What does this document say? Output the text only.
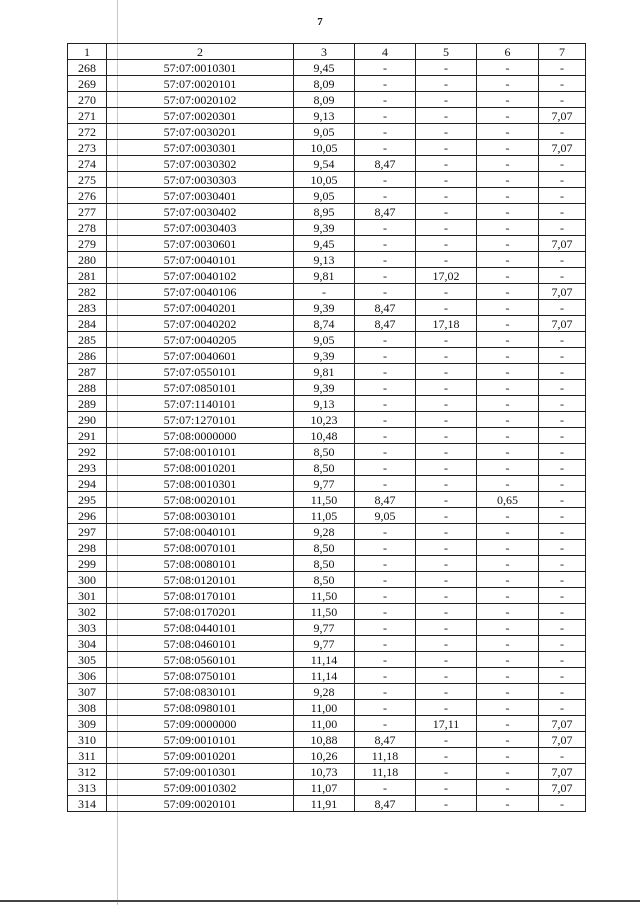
7
1	2	3	4	5	6	7
268	57:07:0010301	9,45	-	-	-	-
269	57:07:0020101	8,09	-	-	-	-
270	57:07:0020102	8,09	-	-	-	-
271	57:07:0020301	9,13	-	-	-	7,07
272	57:07:0030201	9,05	-	-	-	-
273	57:07:0030301	10,05	-	-	-	7,07
274	57:07:0030302	9,54	8,47	-	-	-
275	57:07:0030303	10,05	-	-	-	-
276	57:07:0030401	9,05	-	-	-	-
277	57:07:0030402	8,95	8,47	-	-	-
278	57:07:0030403	9,39	-	-	-	-
279	57:07:0030601	9,45	-	-	-	7,07
280	57:07:0040101	9,13	-	-	-	-
281	57:07:0040102	9,81	-	17,02	-	-
282	57:07:0040106	-	-	-	-	7,07
283	57:07:0040201	9,39	8,47	-	-	-
284	57:07:0040202	8,74	8,47	17,18	-	7,07
285	57:07:0040205	9,05	-	-	-	-
286	57:07:0040601	9,39	-	-	-	-
287	57:07:0550101	9,81	-	-	-	-
288	57:07:0850101	9,39	-	-	-	-
289	57:07:1140101	9,13	-	-	-	-
290	57:07:1270101	10,23	-	-	-	-
291	57:08:0000000	10,48	-	-	-	-
292	57:08:0010101	8,50	-	-	-	-
293	57:08:0010201	8,50	-	-	-	-
294	57:08:0010301	9,77	-	-	-	-
295	57:08:0020101	11,50	8,47	-	0,65	-
296	57:08:0030101	11,05	9,05	-	-	-
297	57:08:0040101	9,28	-	-	-	-
298	57:08:0070101	8,50	-	-	-	-
299	57:08:0080101	8,50	-	-	-	-
300	57:08:0120101	8,50	-	-	-	-
301	57:08:0170101	11,50	-	-	-	-
302	57:08:0170201	11,50	-	-	-	-
303	57:08:0440101	9,77	-	-	-	-
304	57:08:0460101	9,77	-	-	-	-
305	57:08:0560101	11,14	-	-	-	-
306	57:08:0750101	11,14	-	-	-	-
307	57:08:0830101	9,28	-	-	-	-
308	57:08:0980101	11,00	-	-	-	-
309	57:09:0000000	11,00	-	17,11	-	7,07
310	57:09:0010101	10,88	8,47	-	-	7,07
311	57:09:0010201	10,26	11,18	-	-	-
312	57:09:0010301	10,73	11,18	-	-	7,07
313	57:09:0010302	11,07	-	-	-	7,07
314	57:09:0020101	11,91	8,47	-	-	-
